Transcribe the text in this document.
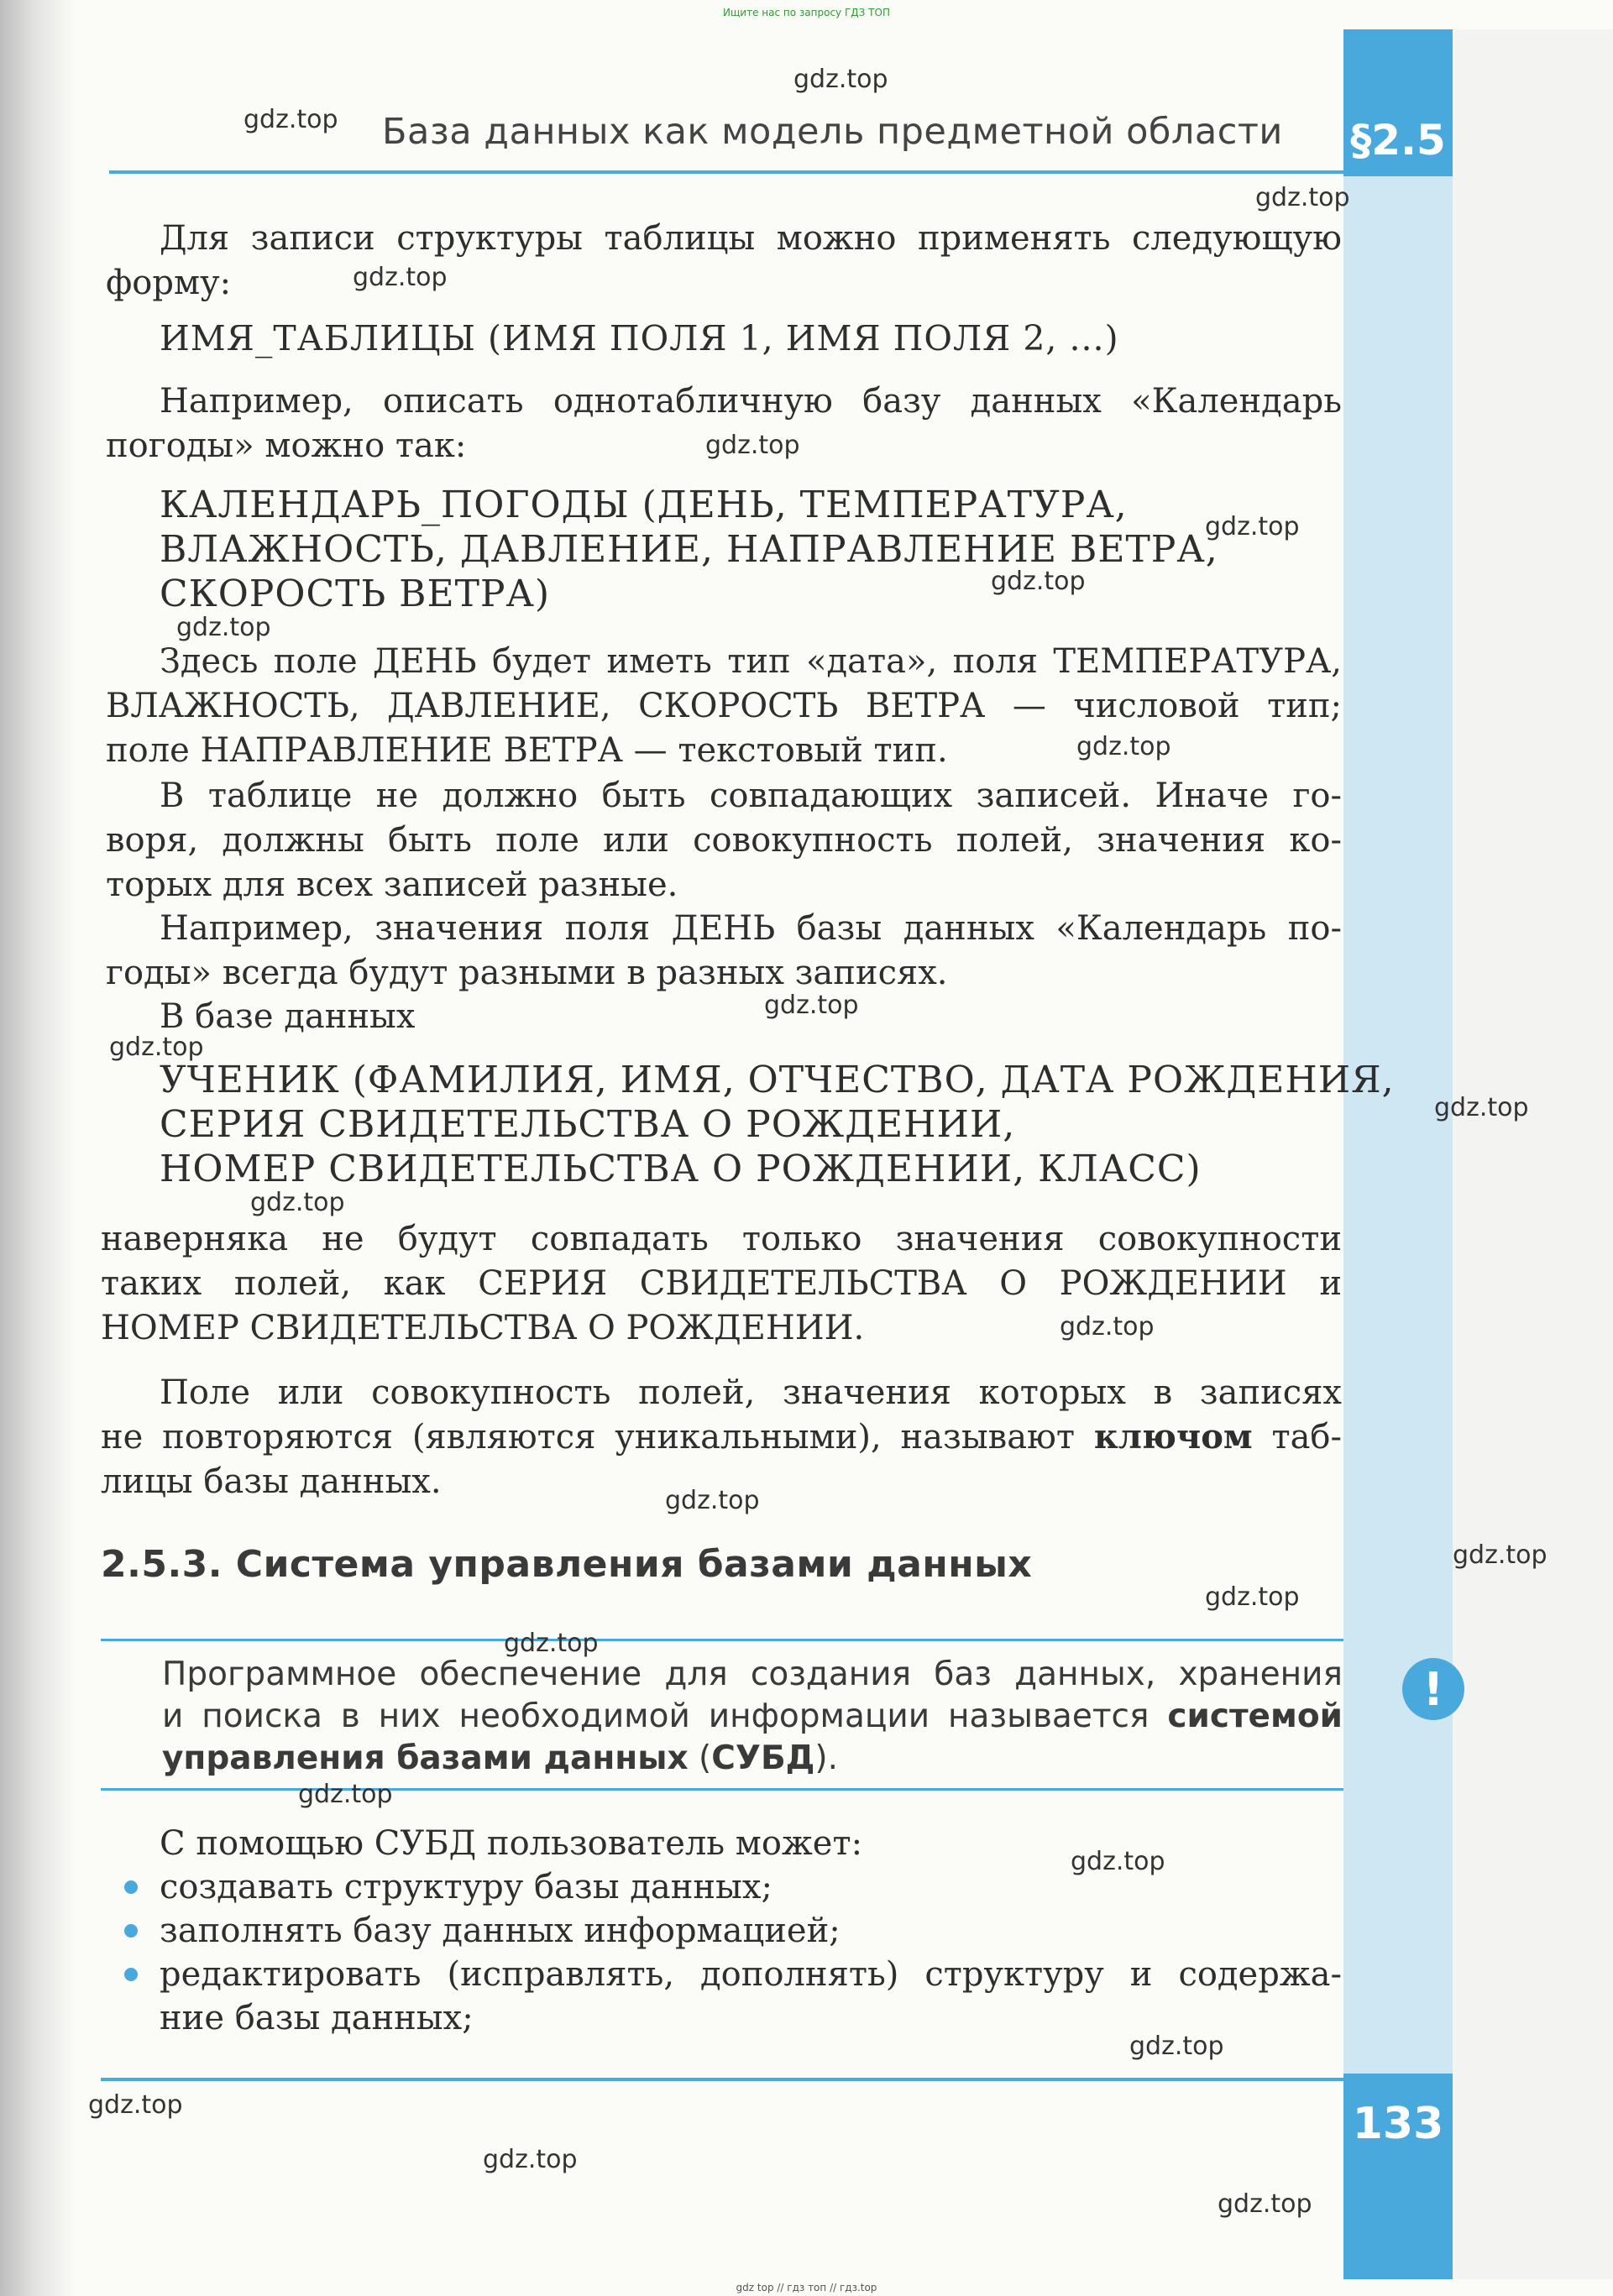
Ищите нас по запросу ГДЗ ТОП
§2.5
База данных как модель предметной области

Для записи структуры таблицы можно применять следующую

форму:

ИМЯ_ТАБЛИЦЫ (ИМЯ ПОЛЯ 1, ИМЯ ПОЛЯ 2, ...)

Например, описать однотабличную базу данных «Календарь

погоды» можно так:

КАЛЕНДАРЬ_ПОГОДЫ (ДЕНЬ, ТЕМПЕРАТУРА,

ВЛАЖНОСТЬ, ДАВЛЕНИЕ, НАПРАВЛЕНИЕ ВЕТРА,

СКОРОСТЬ ВЕТРА)

Здесь поле ДЕНЬ будет иметь тип «дата», поля ТЕМПЕРАТУРА,

ВЛАЖНОСТЬ, ДАВЛЕНИЕ, СКОРОСТЬ ВЕТРА — числовой тип;

поле НАПРАВЛЕНИЕ ВЕТРА — текстовый тип.

В таблице не должно быть совпадающих записей. Иначе го-

воря, должны быть поле или совокупность полей, значения ко-

торых для всех записей разные.

Например, значения поля ДЕНЬ базы данных «Календарь по-

годы» всегда будут разными в разных записях.

В базе данных

УЧЕНИК (ФАМИЛИЯ, ИМЯ, ОТЧЕСТВО, ДАТА РОЖДЕНИЯ,

СЕРИЯ СВИДЕТЕЛЬСТВА О РОЖДЕНИИ,

НОМЕР СВИДЕТЕЛЬСТВА О РОЖДЕНИИ, КЛАСС)

наверняка не будут совпадать только значения совокупности

таких полей, как СЕРИЯ СВИДЕТЕЛЬСТВА О РОЖДЕНИИ и

НОМЕР СВИДЕТЕЛЬСТВА О РОЖДЕНИИ.

Поле или совокупность полей, значения которых в записях

не повторяются (являются уникальными), называют ключом таб-

лицы базы данных.

2.5.3. Система управления базами данных

Программное обеспечение для создания баз данных, хранения

и поиска в них необходимой информации называется системой

управления базами данных (СУБД).

!

С помощью СУБД пользователь может:

создавать структуру базы данных;

заполнять базу данных информацией;

редактировать (исправлять, дополнять) структуру и содержа-

ние базы данных;

133
gdz.top
gdz.top
gdz.top
gdz.top
gdz.top
gdz.top
gdz.top
gdz.top
gdz.top
gdz.top
gdz.top
gdz.top
gdz.top
gdz.top
gdz.top
gdz.top
gdz.top
gdz.top
gdz.top
gdz.top
gdz.top
gdz.top
gdz.top
gdz.top
gdz top // гдз топ // гдз.top
